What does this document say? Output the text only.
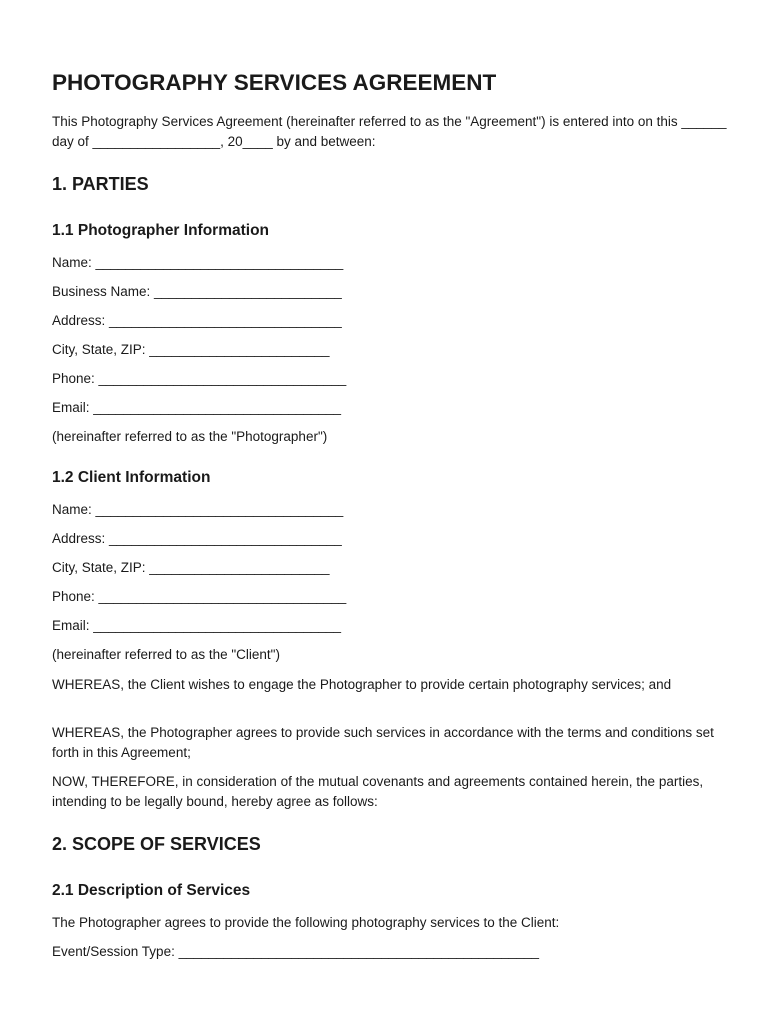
PHOTOGRAPHY SERVICES AGREEMENT

This Photography Services Agreement (hereinafter referred to as the "Agreement") is entered into on this ______ day of _________________, 20____ by and between:

1. PARTIES
1.1 Photographer Information

Name: _________________________________

Business Name: _________________________

Address: _______________________________

City, State, ZIP: ________________________

Phone: _________________________________

Email: _________________________________

(hereinafter referred to as the "Photographer")

1.2 Client Information

Name: _________________________________

Address: _______________________________

City, State, ZIP: ________________________

Phone: _________________________________

Email: _________________________________

(hereinafter referred to as the "Client")

WHEREAS, the Client wishes to engage the Photographer to provide certain photography services; and

WHEREAS, the Photographer agrees to provide such services in accordance with the terms and conditions set forth in this Agreement;

NOW, THEREFORE, in consideration of the mutual covenants and agreements contained herein, the parties, intending to be legally bound, hereby agree as follows:

2. SCOPE OF SERVICES
2.1 Description of Services

The Photographer agrees to provide the following photography services to the Client:

Event/Session Type: ________________________________________________
